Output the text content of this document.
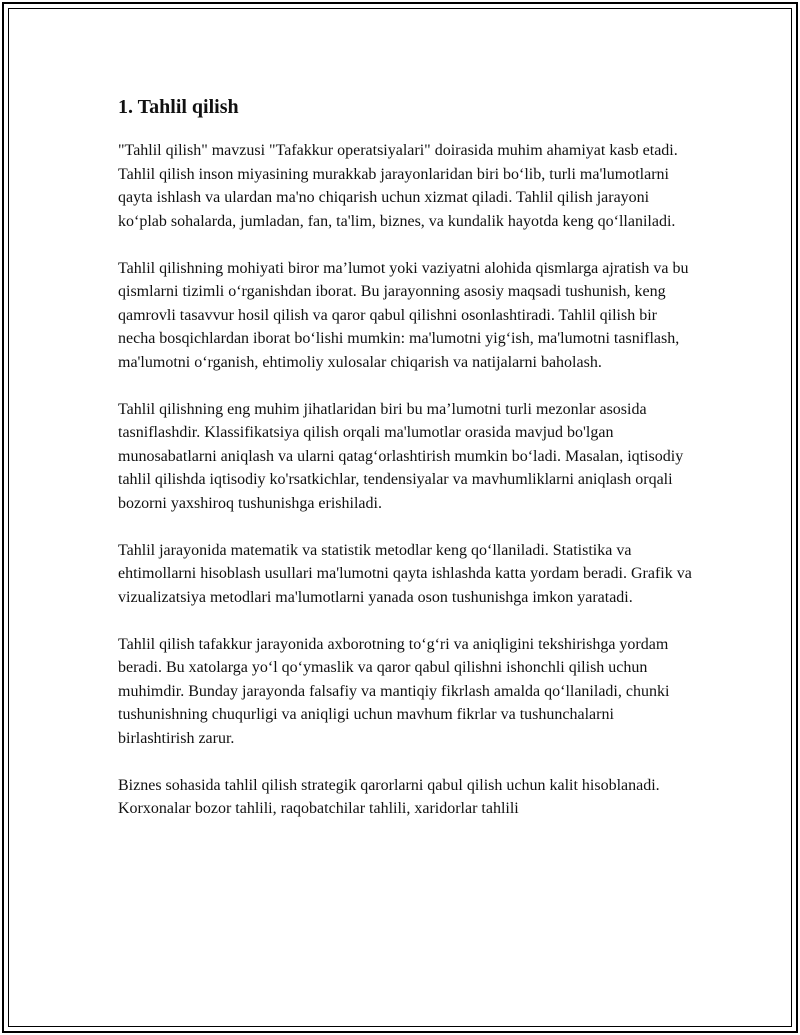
1. Tahlil qilish

"Tahlil qilish" mavzusi "Tafakkur operatsiyalari" doirasida muhim ahamiyat kasb etadi. Tahlil qilish inson miyasining murakkab jarayonlaridan biri bo‘lib, turli ma'lumotlarni qayta ishlash va ulardan ma'no chiqarish uchun xizmat qiladi. Tahlil qilish jarayoni ko‘plab sohalarda, jumladan, fan, ta'lim, biznes, va kundalik hayotda keng qo‘llaniladi.

Tahlil qilishning mohiyati biror ma’lumot yoki vaziyatni alohida qismlarga ajratish va bu qismlarni tizimli o‘rganishdan iborat. Bu jarayonning asosiy maqsadi tushunish, keng qamrovli tasavvur hosil qilish va qaror qabul qilishni osonlashtiradi. Tahlil qilish bir necha bosqichlardan iborat bo‘lishi mumkin: ma'lumotni yig‘ish, ma'lumotni tasniflash, ma'lumotni o‘rganish, ehtimoliy xulosalar chiqarish va natijalarni baholash.

Tahlil qilishning eng muhim jihatlaridan biri bu ma’lumotni turli mezonlar asosida tasniflashdir. Klassifikatsiya qilish orqali ma'lumotlar orasida mavjud bo'lgan munosabatlarni aniqlash va ularni qatag‘orlashtirish mumkin bo‘ladi. Masalan, iqtisodiy tahlil qilishda iqtisodiy ko'rsatkichlar, tendensiyalar va mavhumliklarni aniqlash orqali bozorni yaxshiroq tushunishga erishiladi.

Tahlil jarayonida matematik va statistik metodlar keng qo‘llaniladi. Statistika va ehtimollarni hisoblash usullari ma'lumotni qayta ishlashda katta yordam beradi. Grafik va vizualizatsiya metodlari ma'lumotlarni yanada oson tushunishga imkon yaratadi.

Tahlil qilish tafakkur jarayonida axborotning to‘g‘ri va aniqligini tekshirishga yordam beradi. Bu xatolarga yo‘l qo‘ymaslik va qaror qabul qilishni ishonchli qilish uchun muhimdir. Bunday jarayonda falsafiy va mantiqiy fikrlash amalda qo‘llaniladi, chunki tushunishning chuqurligi va aniqligi uchun mavhum fikrlar va tushunchalarni birlashtirish zarur.

Biznes sohasida tahlil qilish strategik qarorlarni qabul qilish uchun kalit hisoblanadi. Korxonalar bozor tahlili, raqobatchilar tahlili, xaridorlar tahlili
